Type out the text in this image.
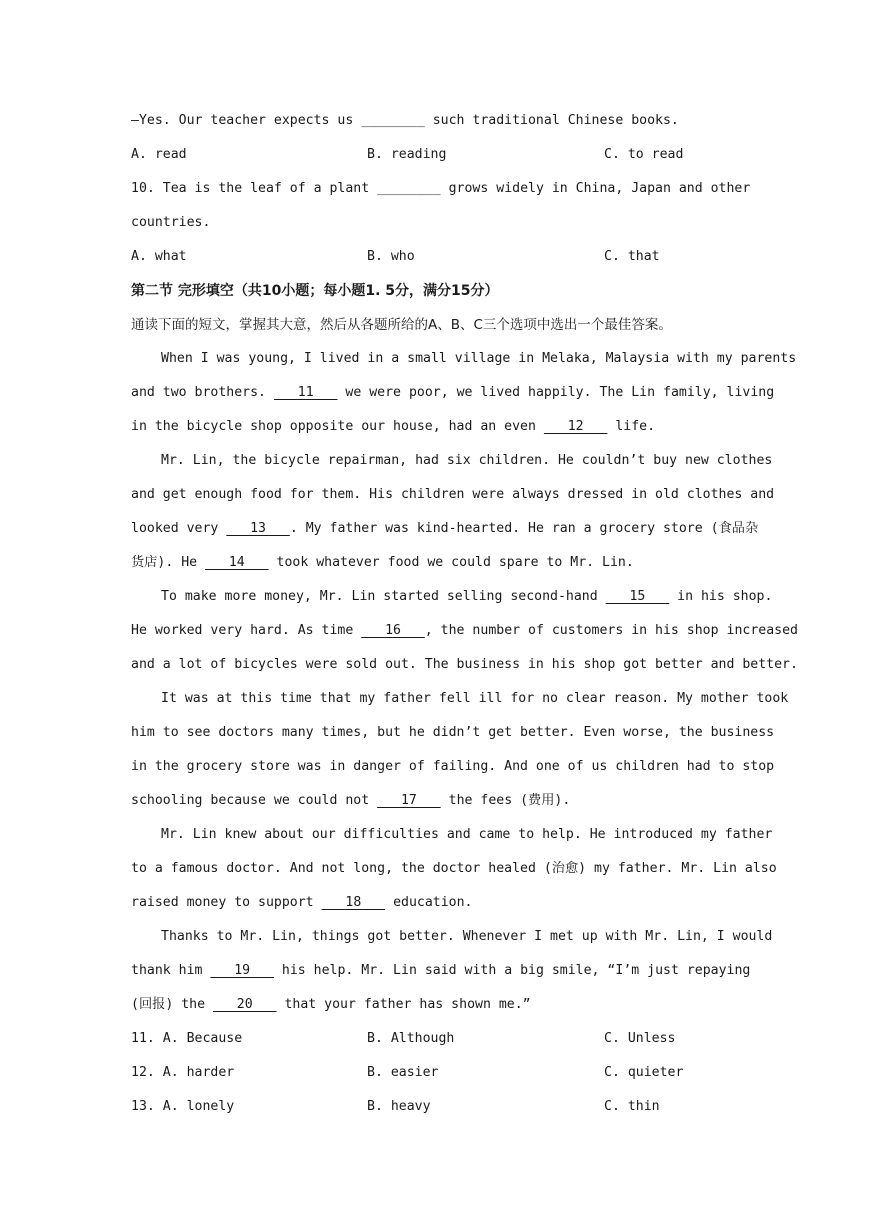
—Yes. Our teacher expects us ________ such traditional Chinese books.
A. read	B. reading	C. to read
10. Tea is the leaf of a plant ________ grows widely in China, Japan and other
countries.
A. what	B. who	C. that
第二节 完形填空（共10小题；每小题1. 5分，满分15分）
通读下面的短文，掌握其大意，然后从各题所给的A、B、C三个选项中选出一个最佳答案。
When I was young, I lived in a small village in Melaka, Malaysia with my parents
and two brothers.    11    we were poor, we lived happily. The Lin family, living
in the bicycle shop opposite our house, had an even    12    life.
Mr. Lin, the bicycle repairman, had six children. He couldn’t buy new clothes
and get enough food for them. His children were always dressed in old clothes and
looked very    13   . My father was kind-hearted. He ran a grocery store (食品杂
货店). He    14    took whatever food we could spare to Mr. Lin.
To make more money, Mr. Lin started selling second-hand    15    in his shop.
He worked very hard. As time    16   , the number of customers in his shop increased
and a lot of bicycles were sold out. The business in his shop got better and better.
It was at this time that my father fell ill for no clear reason. My mother took
him to see doctors many times, but he didn’t get better. Even worse, the business
in the grocery store was in danger of failing. And one of us children had to stop
schooling because we could not    17    the fees (费用).
Mr. Lin knew about our difficulties and came to help. He introduced my father
to a famous doctor. And not long, the doctor healed (治愈) my father. Mr. Lin also
raised money to support    18    education.
Thanks to Mr. Lin, things got better. Whenever I met up with Mr. Lin, I would
thank him    19    his help. Mr. Lin said with a big smile, “I’m just repaying
(回报) the    20    that your father has shown me.”
11. A. Because	B. Although	C. Unless
12. A. harder	B. easier	C. quieter
13. A. lonely	B. heavy	C. thin
